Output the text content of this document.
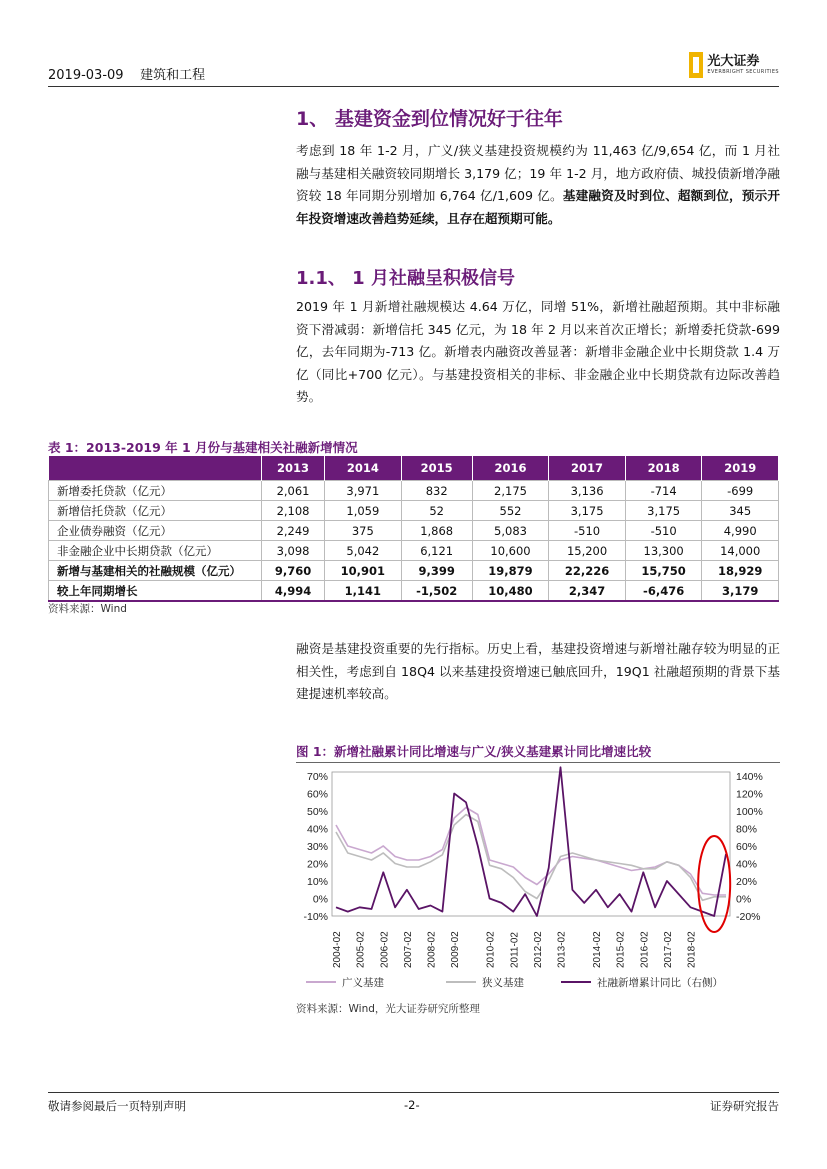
2019-03-09 建筑和工程
光大证券
EVERBRIGHT SECURITIES
1、 基建资金到位情况好于往年
考虑到 18 年 1-2 月，广义/狭义基建投资规模约为 11,463 亿/9,654 亿，而 1 月社融与基建相关融资较同期增长 3,179 亿；19 年 1-2 月，地方政府债、城投债新增净融资较 18 年同期分别增加 6,764 亿/1,609 亿。基建融资及时到位、超额到位，预示开年投资增速改善趋势延续，且存在超预期可能。
1.1、 1 月社融呈积极信号
2019 年 1 月新增社融规模达 4.64 万亿，同增 51%，新增社融超预期。其中非标融资下滑减弱：新增信托 345 亿元，为 18 年 2 月以来首次正增长；新增委托贷款-699 亿，去年同期为-713 亿。新增表内融资改善显著：新增非金融企业中长期贷款 1.4 万亿（同比+700 亿元）。与基建投资相关的非标、非金融企业中长期贷款有边际改善趋势。
表 1：2013-2019 年 1 月份与基建相关社融新增情况
	2013	2014	2015	2016	2017	2018	2019
新增委托贷款（亿元）	2,061	3,971	832	2,175	3,136	-714	-699
新增信托贷款（亿元）	2,108	1,059	52	552	3,175	3,175	345
企业债券融资（亿元）	2,249	375	1,868	5,083	-510	-510	4,990
非金融企业中长期贷款（亿元）	3,098	5,042	6,121	10,600	15,200	13,300	14,000
新增与基建相关的社融规模（亿元）	9,760	10,901	9,399	19,879	22,226	15,750	18,929
较上年同期增长	4,994	1,141	-1,502	10,480	2,347	-6,476	3,179
资料来源：Wind
融资是基建投资重要的先行指标。历史上看，基建投资增速与新增社融存较为明显的正相关性，考虑到自 18Q4 以来基建投资增速已触底回升，19Q1 社融超预期的背景下基建提速机率较高。
图 1：新增社融累计同比增速与广义/狭义基建累计同比增速比较
70%
60%
50%
40%
30%
20%
10%
0%
-10%
140%
120%
100%
80%
60%
40%
20%
0%
-20%
2004-02 2005-02 2006-02 2007-02 2008-02 2009-02 2010-02 2011-02 2012-02 2013-02 2014-02 2015-02 2016-02 2017-02 2018-02
广义基建	狭义基建	社融新增累计同比（右侧）
资料来源：Wind，光大证券研究所整理
敬请参阅最后一页特别声明	-2-	证券研究报告
